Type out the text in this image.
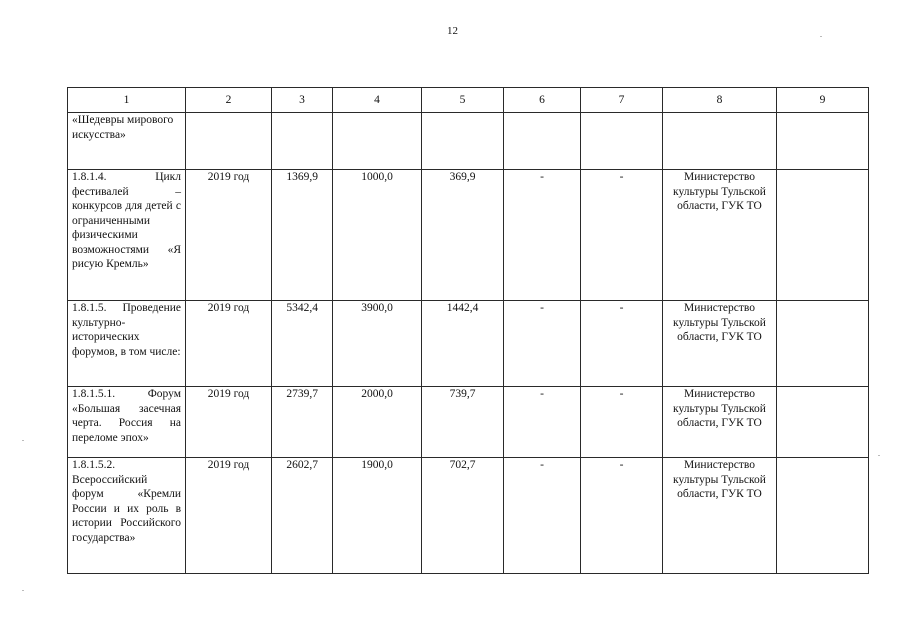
12
1	2	3	4	5	6	7	8	9
«Шедевры мирового искусства»								
1.8.1.4. Цикл фестивалей – конкурсов для детей с ограниченными физическими возможностями «Я рисую Кремль»	2019 год	1369,9	1000,0	369,9	-	-	Министерство культуры Тульской области, ГУК ТО	
1.8.1.5. Проведение культурно-исторических форумов, в том числе:	2019 год	5342,4	3900,0	1442,4	-	-	Министерство культуры Тульской области, ГУК ТО	
1.8.1.5.1. Форум «Большая засечная черта. Россия на переломе эпох»	2019 год	2739,7	2000,0	739,7	-	-	Министерство культуры Тульской области, ГУК ТО	
1.8.1.5.2. Всероссийский форум «Кремли России и их роль в истории Российского государства»	2019 год	2602,7	1900,0	702,7	-	-	Министерство культуры Тульской области, ГУК ТО	
